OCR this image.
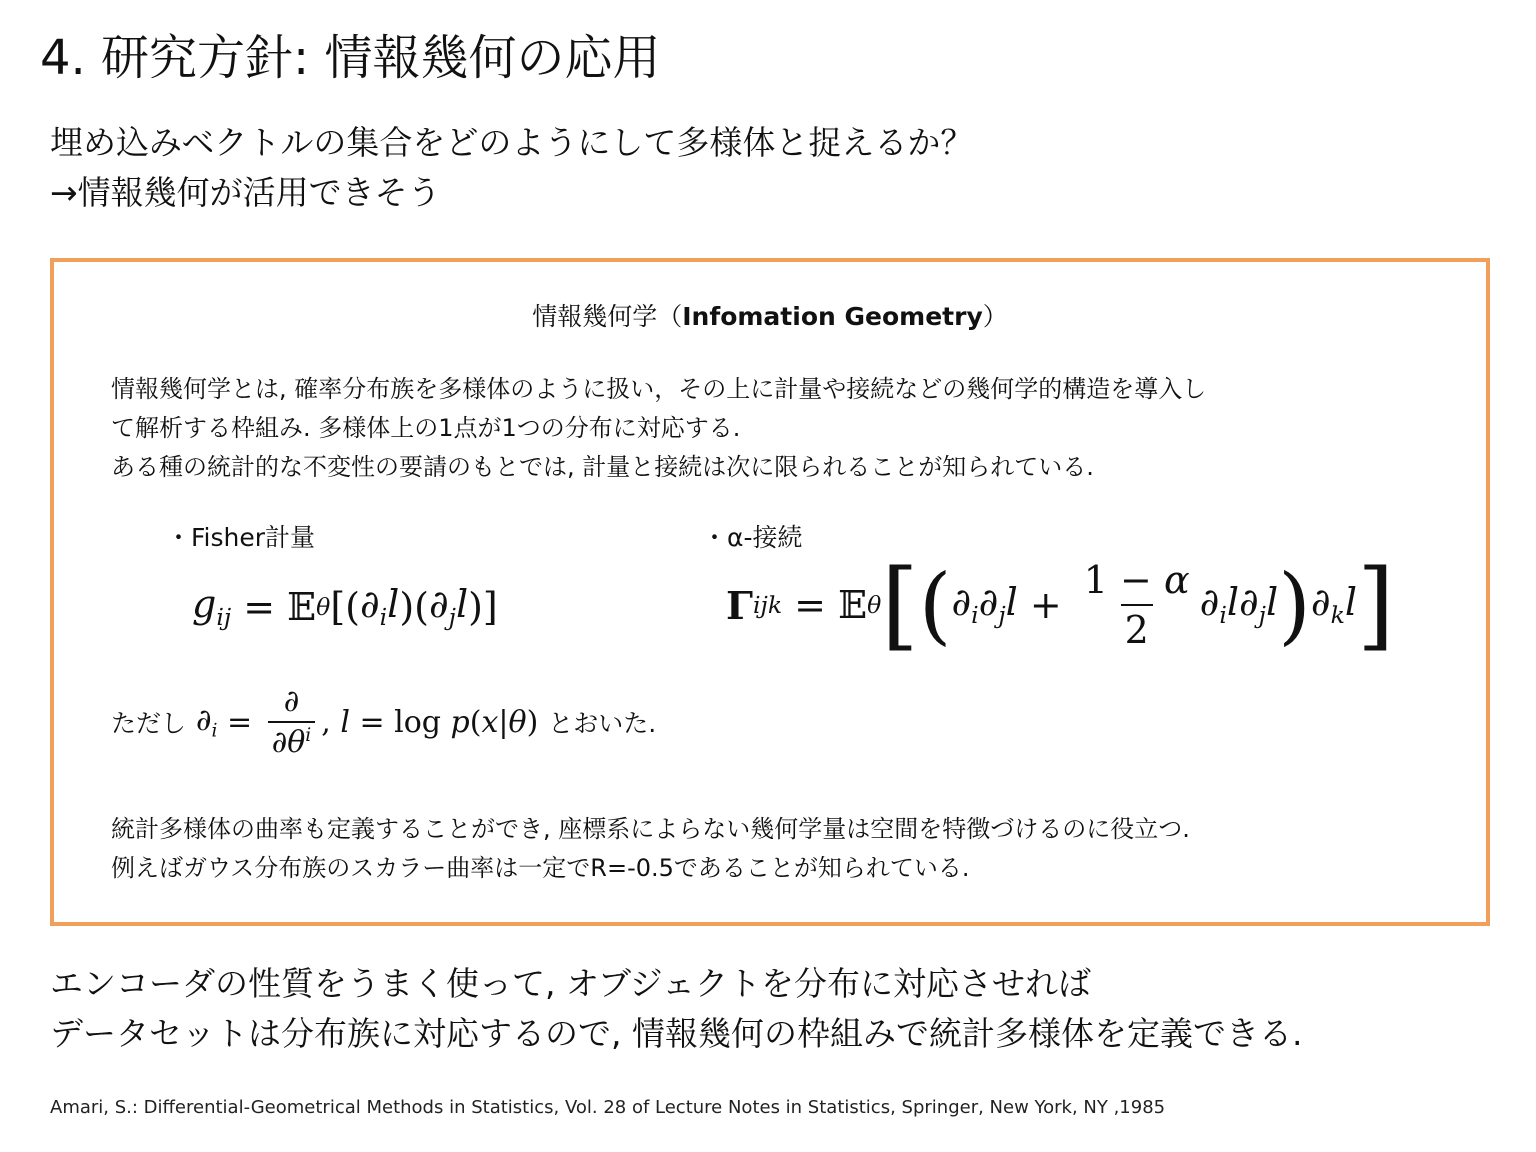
4. 研究方針: 情報幾何の応用
埋め込みベクトルの集合をどのようにして多様体と捉えるか？
→情報幾何が活用できそう
情報幾何学（Infomation Geometry）
情報幾何学とは, 確率分布族を多様体のように扱い，その上に計量や接続などの幾何学的構造を導入し
て解析する枠組み. 多様体上の1点が1つの分布に対応する.
ある種の統計的な不変性の要請のもとでは, 計量と接続は次に限られることが知られている.
・Fisher計量	・α-接続
$g_{ij}$ = 𝔼 θ [( $\partial_il$ )( $\partial_jl$ )]	Γ ijk = 𝔼 θ [ ( $\partial_i\partial_jl + \frac{1 - \alpha}{2} \partial_il\partial_jl$ ) $\partial_kl$ ]
ただし $\partial_i = \frac{\partial}{\partial\theta^i}$ , l = log p ( x | θ ) とおいた.
統計多様体の曲率も定義することができ, 座標系によらない幾何学量は空間を特徴づけるのに役立つ.
例えばガウス分布族のスカラー曲率は一定でR=-0.5であることが知られている.
エンコーダの性質をうまく使って, オブジェクトを分布に対応させれば
データセットは分布族に対応するので, 情報幾何の枠組みで統計多様体を定義できる.
Amari, S.: Differential-Geometrical Methods in Statistics, Vol. 28 of Lecture Notes in Statistics, Springer, New York, NY ,1985
